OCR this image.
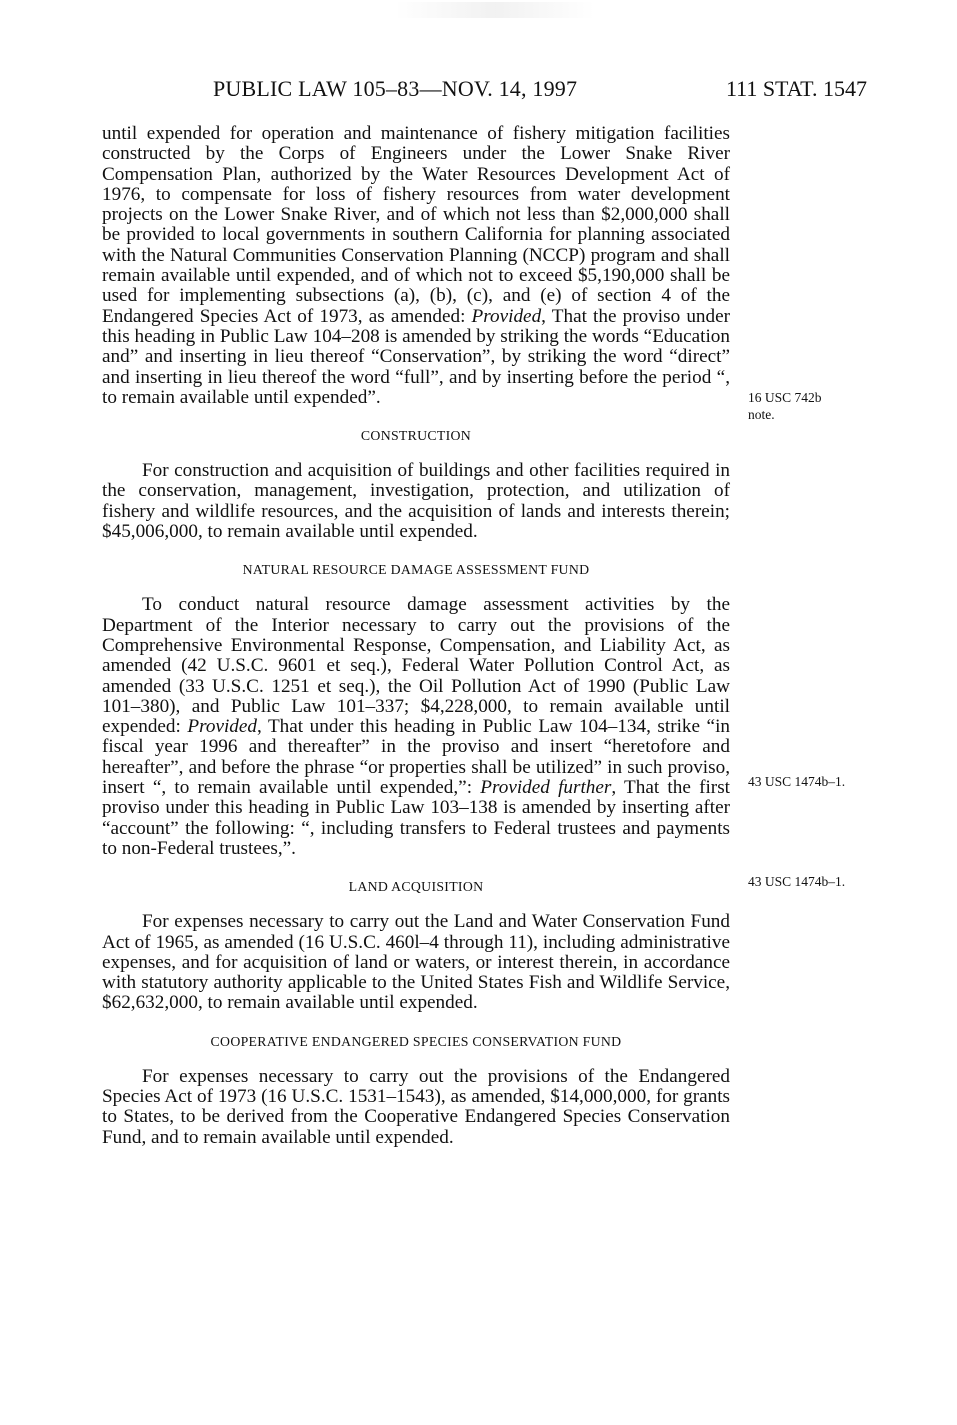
PUBLIC LAW 105–83—NOV. 14, 1997	111 STAT. 1547

until expended for operation and maintenance of fishery mitigation facilities constructed by the Corps of Engineers under the Lower Snake River Compensation Plan, authorized by the Water Resources Development Act of 1976, to compensate for loss of fishery resources from water development projects on the Lower Snake River, and of which not less than $2,000,000 shall be provided to local governments in southern California for planning associated with the Natural Communities Conservation Planning (NCCP) program and shall remain available until expended, and of which not to exceed $5,190,000 shall be used for implementing subsections (a), (b), (c), and (e) of section 4 of the Endangered Species Act of 1973, as amended: Provided, That the proviso under this heading in Public Law 104–208 is amended by striking the words “Education and” and inserting in lieu thereof “Conservation”, by striking the word “direct” and inserting in lieu thereof the word “full”, and by inserting before the period “, to remain available until expended”.

CONSTRUCTION

For construction and acquisition of buildings and other facilities required in the conservation, management, investigation, protection, and utilization of fishery and wildlife resources, and the acquisition of lands and interests therein; $45,006,000, to remain available until expended.

NATURAL RESOURCE DAMAGE ASSESSMENT FUND

To conduct natural resource damage assessment activities by the Department of the Interior necessary to carry out the provisions of the Comprehensive Environmental Response, Compensation, and Liability Act, as amended (42 U.S.C. 9601 et seq.), Federal Water Pollution Control Act, as amended (33 U.S.C. 1251 et seq.), the Oil Pollution Act of 1990 (Public Law 101–380), and Public Law 101–337; $4,228,000, to remain available until expended: Provided, That under this heading in Public Law 104–134, strike “in fiscal year 1996 and thereafter” in the proviso and insert “heretofore and hereafter”, and before the phrase “or properties shall be utilized” in such proviso, insert “, to remain available until expended,”: Provided further, That the first proviso under this heading in Public Law 103–138 is amended by inserting after “account” the following: “, including transfers to Federal trustees and payments to non-Federal trustees,”.

LAND ACQUISITION

For expenses necessary to carry out the Land and Water Conservation Fund Act of 1965, as amended (16 U.S.C. 460l–4 through 11), including administrative expenses, and for acquisition of land or waters, or interest therein, in accordance with statutory authority applicable to the United States Fish and Wildlife Service, $62,632,000, to remain available until expended.

COOPERATIVE ENDANGERED SPECIES CONSERVATION FUND

For expenses necessary to carry out the provisions of the Endangered Species Act of 1973 (16 U.S.C. 1531–1543), as amended, $14,000,000, for grants to States, to be derived from the Cooperative Endangered Species Conservation Fund, and to remain available until expended.

16 USC 742b
note.
43 USC 1474b–1.
43 USC 1474b–1.
